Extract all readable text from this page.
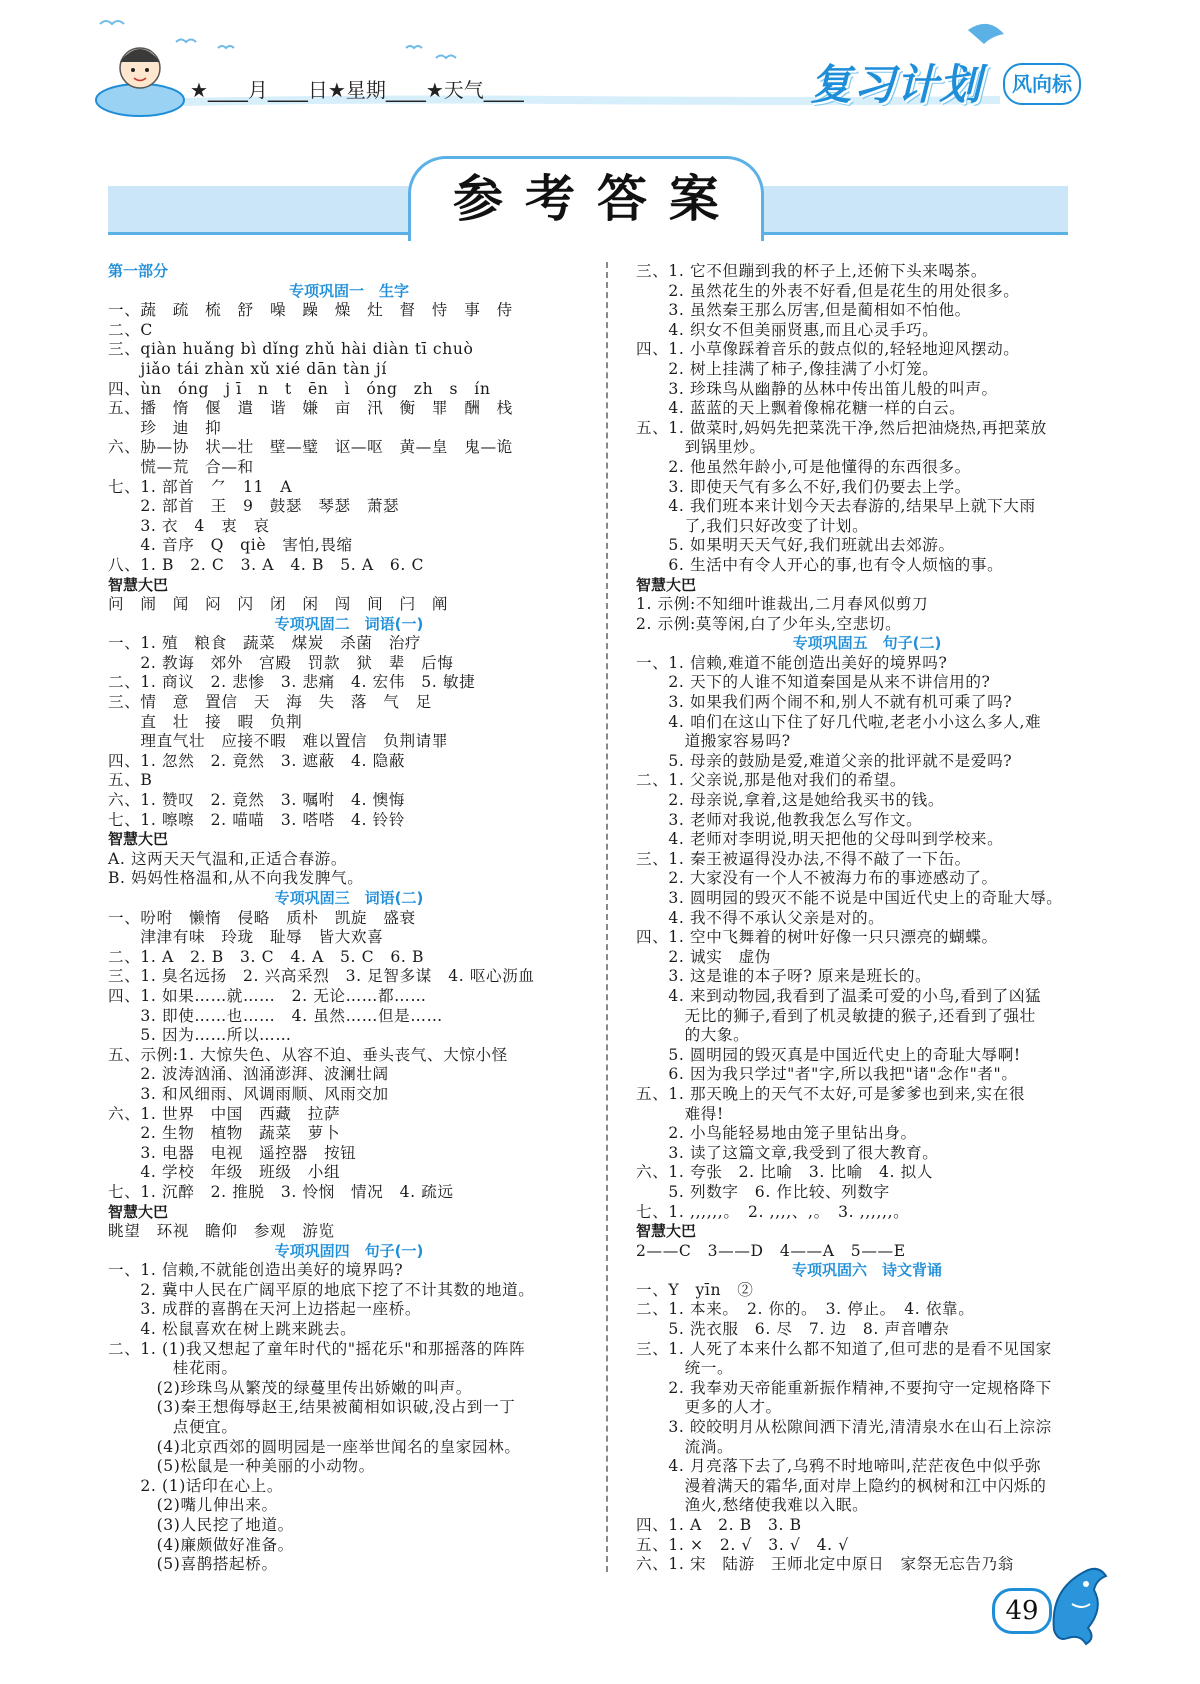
★____月____日★星期____★天气____	复习计划	风向标
参考答案
第一部分
专项巩固一　生字
一、蔬　疏　梳　舒　噪　躁　燥　灶　督　恃　事　侍
二、C
三、qiàn huǎng bì dǐng zhǔ hài diàn tī chuò
　　jiǎo tái zhàn xǔ xié dān tàn jí
四、ùn　óng　j ī　n　t　ēn　ì　óng　zh　s　ín
五、播　惰　偃　遣　谐　嫌　亩　汛　衡　罪　酬　栈
　　珍　迪　抑
六、胁—协　状—壮　壁—璧　讴—呕　黄—皇　鬼—诡
　　慌—荒　合—和
七、1. 部首　⺈　11　A
　　2. 部首　王　9　鼓瑟　琴瑟　萧瑟
　　3. 衣　4　衷　哀
　　4. 音序　Q　qiè　害怕,畏缩
八、1. B　2. C　3. A　4. B　5. A　6. C
智慧大巴
问　闹　闻　闷　闪　闭　闲　闯　间　闩　阐
专项巩固二　词语(一)
一、1. 殖　粮食　蔬菜　煤炭　杀菌　治疗
　　2. 教诲　郊外　宫殿　罚款　狱　辈　后悔
二、1. 商议　2. 悲惨　3. 悲痛　4. 宏伟　5. 敏捷
三、情　意　置信　天　海　失　落　气　足
　　直　壮　接　暇　负荆
　　理直气壮　应接不暇　难以置信　负荆请罪
四、1. 忽然　2. 竟然　3. 遮蔽　4. 隐蔽
五、B
六、1. 赞叹　2. 竟然　3. 嘱咐　4. 懊悔
七、1. 嚓嚓　2. 喵喵　3. 嗒嗒　4. 铃铃
智慧大巴
A. 这两天天气温和,正适合春游。
B. 妈妈性格温和,从不向我发脾气。
专项巩固三　词语(二)
一、吩咐　懒惰　侵略　质朴　凯旋　盛衰
　　津津有味　玲珑　耻辱　皆大欢喜
二、1. A　2. B　3. C　4. A　5. C　6. B
三、1. 臭名远扬　2. 兴高采烈　3. 足智多谋　4. 呕心沥血
四、1. 如果……就……　2. 无论……都……
　　3. 即使……也……　4. 虽然……但是……
　　5. 因为……所以……
五、示例:1. 大惊失色、从容不迫、垂头丧气、大惊小怪
　　2. 波涛汹涌、汹涌澎湃、波澜壮阔
　　3. 和风细雨、风调雨顺、风雨交加
六、1. 世界　中国　西藏　拉萨
　　2. 生物　植物　蔬菜　萝卜
　　3. 电器　电视　遥控器　按钮
　　4. 学校　年级　班级　小组
七、1. 沉醉　2. 推脱　3. 怜悯　情况　4. 疏远
智慧大巴
眺望　环视　瞻仰　参观　游览
专项巩固四　句子(一)
一、1. 信赖,不就能创造出美好的境界吗?
　　2. 冀中人民在广阔平原的地底下挖了不计其数的地道。
　　3. 成群的喜鹊在天河上边搭起一座桥。
　　4. 松鼠喜欢在树上跳来跳去。
二、1. (1)我又想起了童年时代的"摇花乐"和那摇落的阵阵
　　　　桂花雨。
　　　(2)珍珠鸟从繁茂的绿蔓里传出娇嫩的叫声。
　　　(3)秦王想侮辱赵王,结果被蔺相如识破,没占到一丁
　　　　点便宜。
　　　(4)北京西郊的圆明园是一座举世闻名的皇家园林。
　　　(5)松鼠是一种美丽的小动物。
　　2. (1)话印在心上。
　　　(2)嘴儿伸出来。
　　　(3)人民挖了地道。
　　　(4)廉颇做好准备。
　　　(5)喜鹊搭起桥。
三、1. 它不但蹦到我的杯子上,还俯下头来喝茶。
　　2. 虽然花生的外表不好看,但是花生的用处很多。
　　3. 虽然秦王那么厉害,但是蔺相如不怕他。
　　4. 织女不但美丽贤惠,而且心灵手巧。
四、1. 小草像踩着音乐的鼓点似的,轻轻地迎风摆动。
　　2. 树上挂满了柿子,像挂满了小灯笼。
　　3. 珍珠鸟从幽静的丛林中传出笛儿般的叫声。
　　4. 蓝蓝的天上飘着像棉花糖一样的白云。
五、1. 做菜时,妈妈先把菜洗干净,然后把油烧热,再把菜放
　　　到锅里炒。
　　2. 他虽然年龄小,可是他懂得的东西很多。
　　3. 即使天气有多么不好,我们仍要去上学。
　　4. 我们班本来计划今天去春游的,结果早上就下大雨
　　　了,我们只好改变了计划。
　　5. 如果明天天气好,我们班就出去郊游。
　　6. 生活中有令人开心的事,也有令人烦恼的事。
智慧大巴
1. 示例:不知细叶谁裁出,二月春风似剪刀
2. 示例:莫等闲,白了少年头,空悲切。
专项巩固五　句子(二)
一、1. 信赖,难道不能创造出美好的境界吗?
　　2. 天下的人谁不知道秦国是从来不讲信用的?
　　3. 如果我们两个闹不和,别人不就有机可乘了吗?
　　4. 咱们在这山下住了好几代啦,老老小小这么多人,难
　　　道搬家容易吗?
　　5. 母亲的鼓励是爱,难道父亲的批评就不是爱吗?
二、1. 父亲说,那是他对我们的希望。
　　2. 母亲说,拿着,这是她给我买书的钱。
　　3. 老师对我说,他教我怎么写作文。
　　4. 老师对李明说,明天把他的父母叫到学校来。
三、1. 秦王被逼得没办法,不得不敲了一下缶。
　　2. 大家没有一个人不被海力布的事迹感动了。
　　3. 圆明园的毁灭不能不说是中国近代史上的奇耻大辱。
　　4. 我不得不承认父亲是对的。
四、1. 空中飞舞着的树叶好像一只只漂亮的蝴蝶。
　　2. 诚实　虚伪
　　3. 这是谁的本子呀? 原来是班长的。
　　4. 来到动物园,我看到了温柔可爱的小鸟,看到了凶猛
　　　无比的狮子,看到了机灵敏捷的猴子,还看到了强壮
　　　的大象。
　　5. 圆明园的毁灭真是中国近代史上的奇耻大辱啊!
　　6. 因为我只学过"者"字,所以我把"诸"念作"者"。
五、1. 那天晚上的天气不太好,可是爹爹也到来,实在很
　　　难得!
　　2. 小鸟能轻易地由笼子里钻出身。
　　3. 读了这篇文章,我受到了很大教育。
六、1. 夸张　2. 比喻　3. 比喻　4. 拟人
　　5. 列数字　6. 作比较、列数字
七、1. ,,,,,,。　2. ,,,,、,。　3. ,,,,,,。
智慧大巴
2——C　3——D　4——A　5——E
专项巩固六　诗文背诵
一、Y　yīn　②
二、1. 本来。　2. 你的。　3. 停止。　4. 依靠。
　　5. 洗衣服　6. 尽　7. 边　8. 声音嘈杂
三、1. 人死了本来什么都不知道了,但可悲的是看不见国家
　　　统一。
　　2. 我奉劝天帝能重新振作精神,不要拘守一定规格降下
　　　更多的人才。
　　3. 皎皎明月从松隙间洒下清光,清清泉水在山石上淙淙
　　　流淌。
　　4. 月亮落下去了,乌鸦不时地啼叫,茫茫夜色中似乎弥
　　　漫着满天的霜华,面对岸上隐约的枫树和江中闪烁的
　　　渔火,愁绪使我难以入眠。
四、1. A　2. B　3. B
五、1. ×　2. √　3. √　4. √
六、1. 宋　陆游　王师北定中原日　家祭无忘告乃翁
49
